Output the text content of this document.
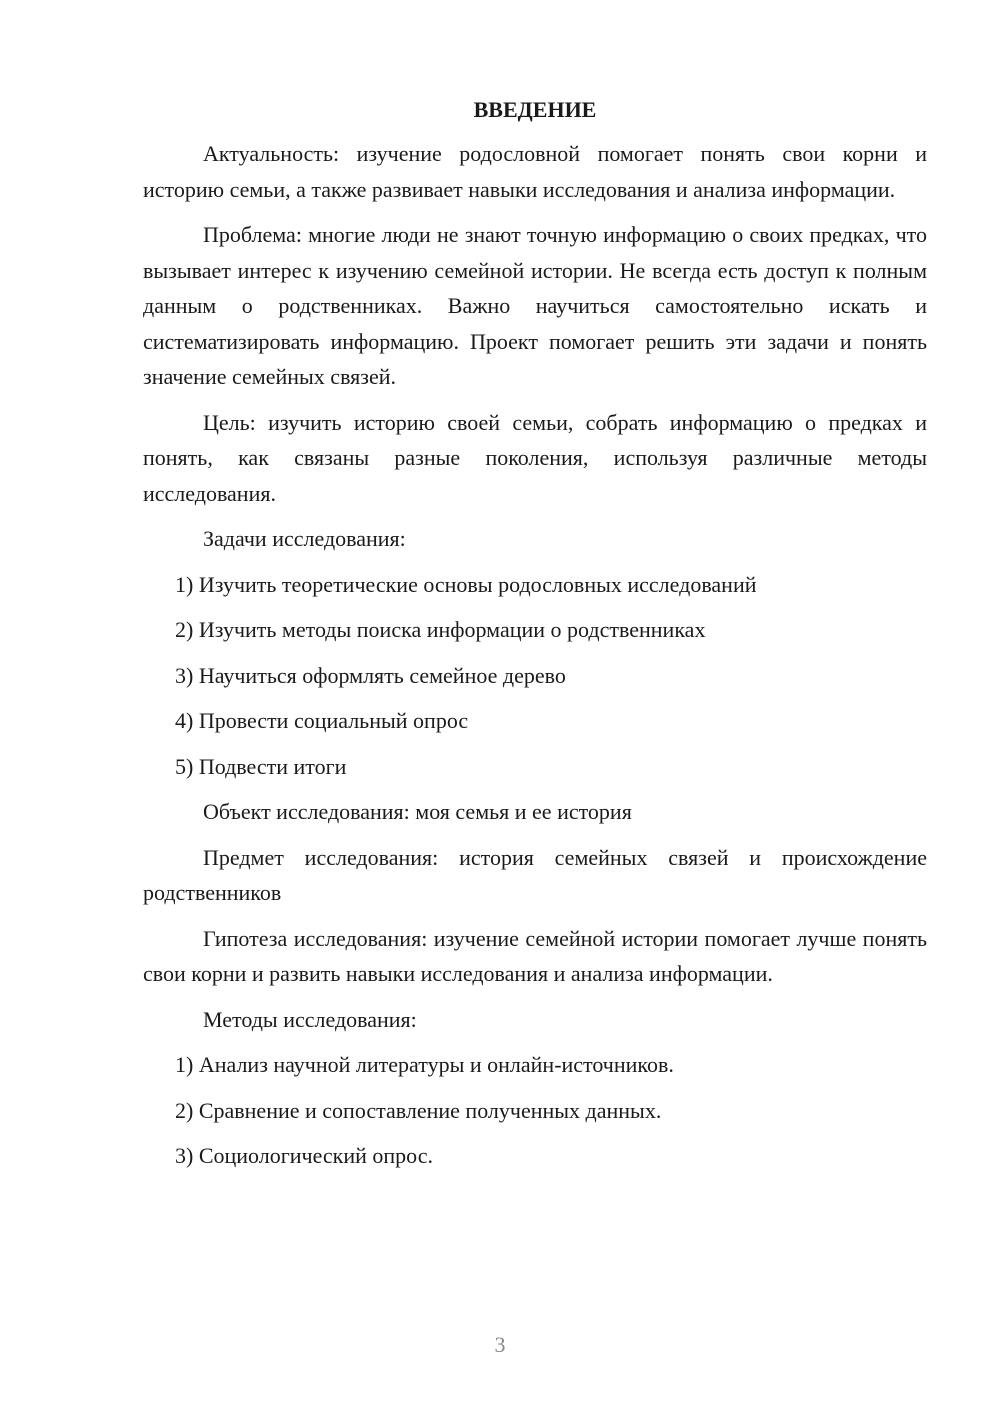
ВВЕДЕНИЕ

Актуальность: изучение родословной помогает понять свои корни и историю семьи, а также развивает навыки исследования и анализа информации.

Проблема: многие люди не знают точную информацию о своих предках, что вызывает интерес к изучению семейной истории. Не всегда есть доступ к полным данным о родственниках. Важно научиться самостоятельно искать и систематизировать информацию. Проект помогает решить эти задачи и понять значение семейных связей.

Цель: изучить историю своей семьи, собрать информацию о предках и понять, как связаны разные поколения, используя различные методы исследования.

Задачи исследования:

1) Изучить теоретические основы родословных исследований

2) Изучить методы поиска информации о родственниках

3) Научиться оформлять семейное дерево

4) Провести социальный опрос

5) Подвести итоги

Объект исследования: моя семья и ее история

Предмет исследования: история семейных связей и происхождение родственников

Гипотеза исследования: изучение семейной истории помогает лучше понять свои корни и развить навыки исследования и анализа информации.

Методы исследования:

1) Анализ научной литературы и онлайн-источников.

2) Сравнение и сопоставление полученных данных.

3) Социологический опрос.

3
